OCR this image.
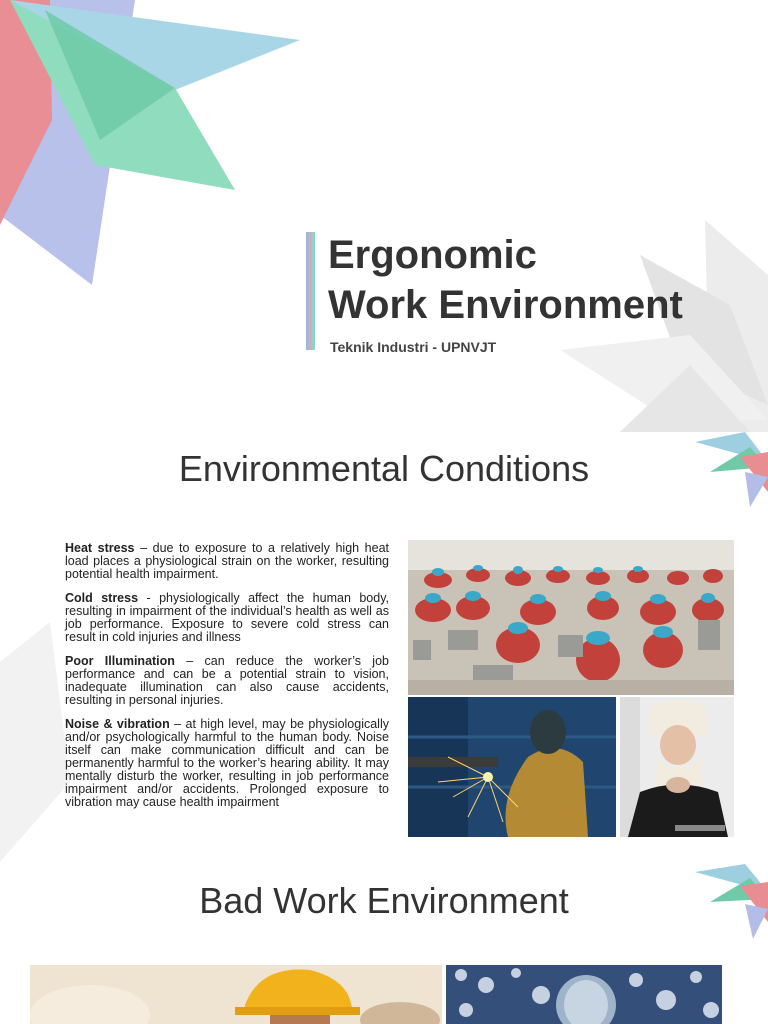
Ergonomic
Work Environment
Teknik Industri - UPNVJT
Environmental Conditions

Heat stress – due to exposure to a relatively high heat load places a physiological strain on the worker, resulting potential health impairment.

Cold stress - physiologically affect the human body, resulting in impairment of the individual’s health as well as job performance. Exposure to severe cold stress can result in cold injuries and illness

Poor Illumination – can reduce the worker’s job performance and can be a potential strain to vision, inadequate illumination can also cause accidents, resulting in personal injuries.

Noise & vibration – at high level, may be physiologically and/or psychologically harmful to the human body. Noise itself can make communication difficult and can be permanently harmful to the worker’s hearing ability. It may mentally disturb the worker, resulting in job performance impairment and/or accidents. Prolonged exposure to vibration may cause health impairment

Bad Work Environment
